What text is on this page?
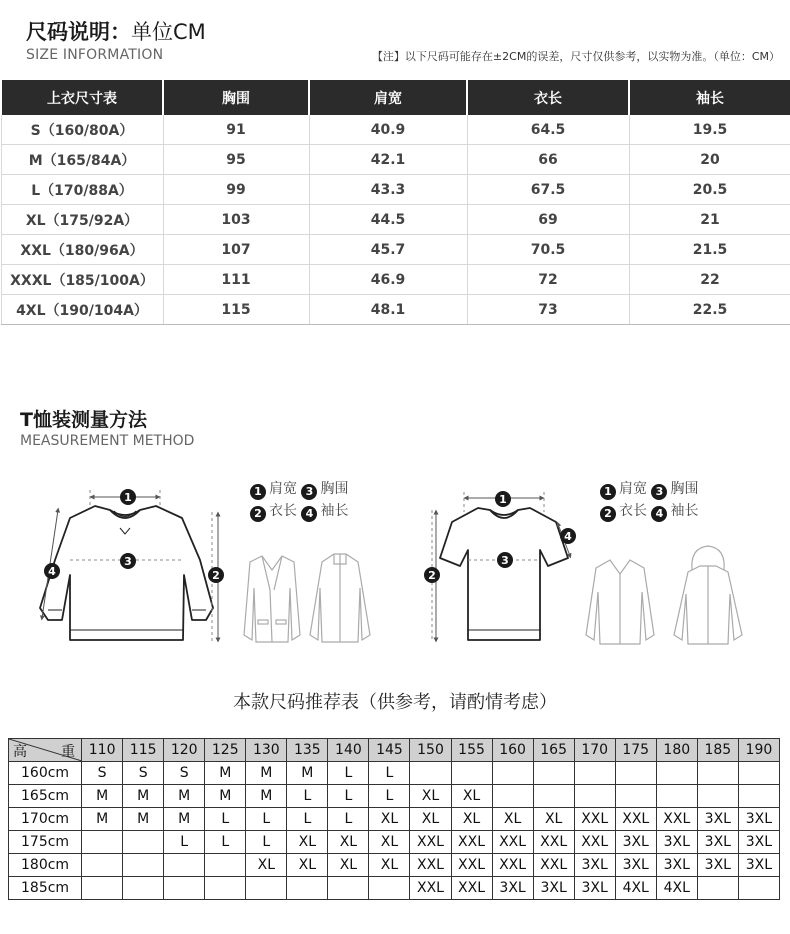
尺码说明：单位CM
SIZE INFORMATION	【注】以下尺码可能存在±2CM的误差，尺寸仅供参考，以实物为准。（单位：CM）
上衣尺寸表	胸围	肩宽	衣长	袖长
S（160/80A）	91	40.9	64.5	19.5
M（165/84A）	95	42.1	66	20
L（170/88A）	99	43.3	67.5	20.5
XL（175/92A）	103	44.5	69	21
XXL（180/96A）	107	45.7	70.5	21.5
XXXL（185/100A）	111	46.9	72	22
4XL（190/104A）	115	48.1	73	22.5
T恤装测量方法
MEASUREMENT METHOD
1
2
3
4
1
2
3
4
1 肩宽 3 胸围
2 衣长 4 袖长
1 肩宽 3 胸围
2 衣长 4 袖长
本款尺码推荐表（供参考，请酌情考虑）
高 重	110	115	120	125	130	135	140	145	150	155	160	165	170	175	180	185	190
160cm	S	S	S	M	M	M	L	L									
165cm	M	M	M	M	M	L	L	L	XL	XL							
170cm	M	M	M	L	L	L	L	XL	XL	XL	XL	XL	XXL	XXL	XXL	3XL	3XL
175cm			L	L	L	XL	XL	XL	XXL	XXL	XXL	XXL	XXL	3XL	3XL	3XL	3XL
180cm					XL	XL	XL	XL	XXL	XXL	XXL	XXL	3XL	3XL	3XL	3XL	3XL
185cm									XXL	XXL	3XL	3XL	3XL	4XL	4XL		
